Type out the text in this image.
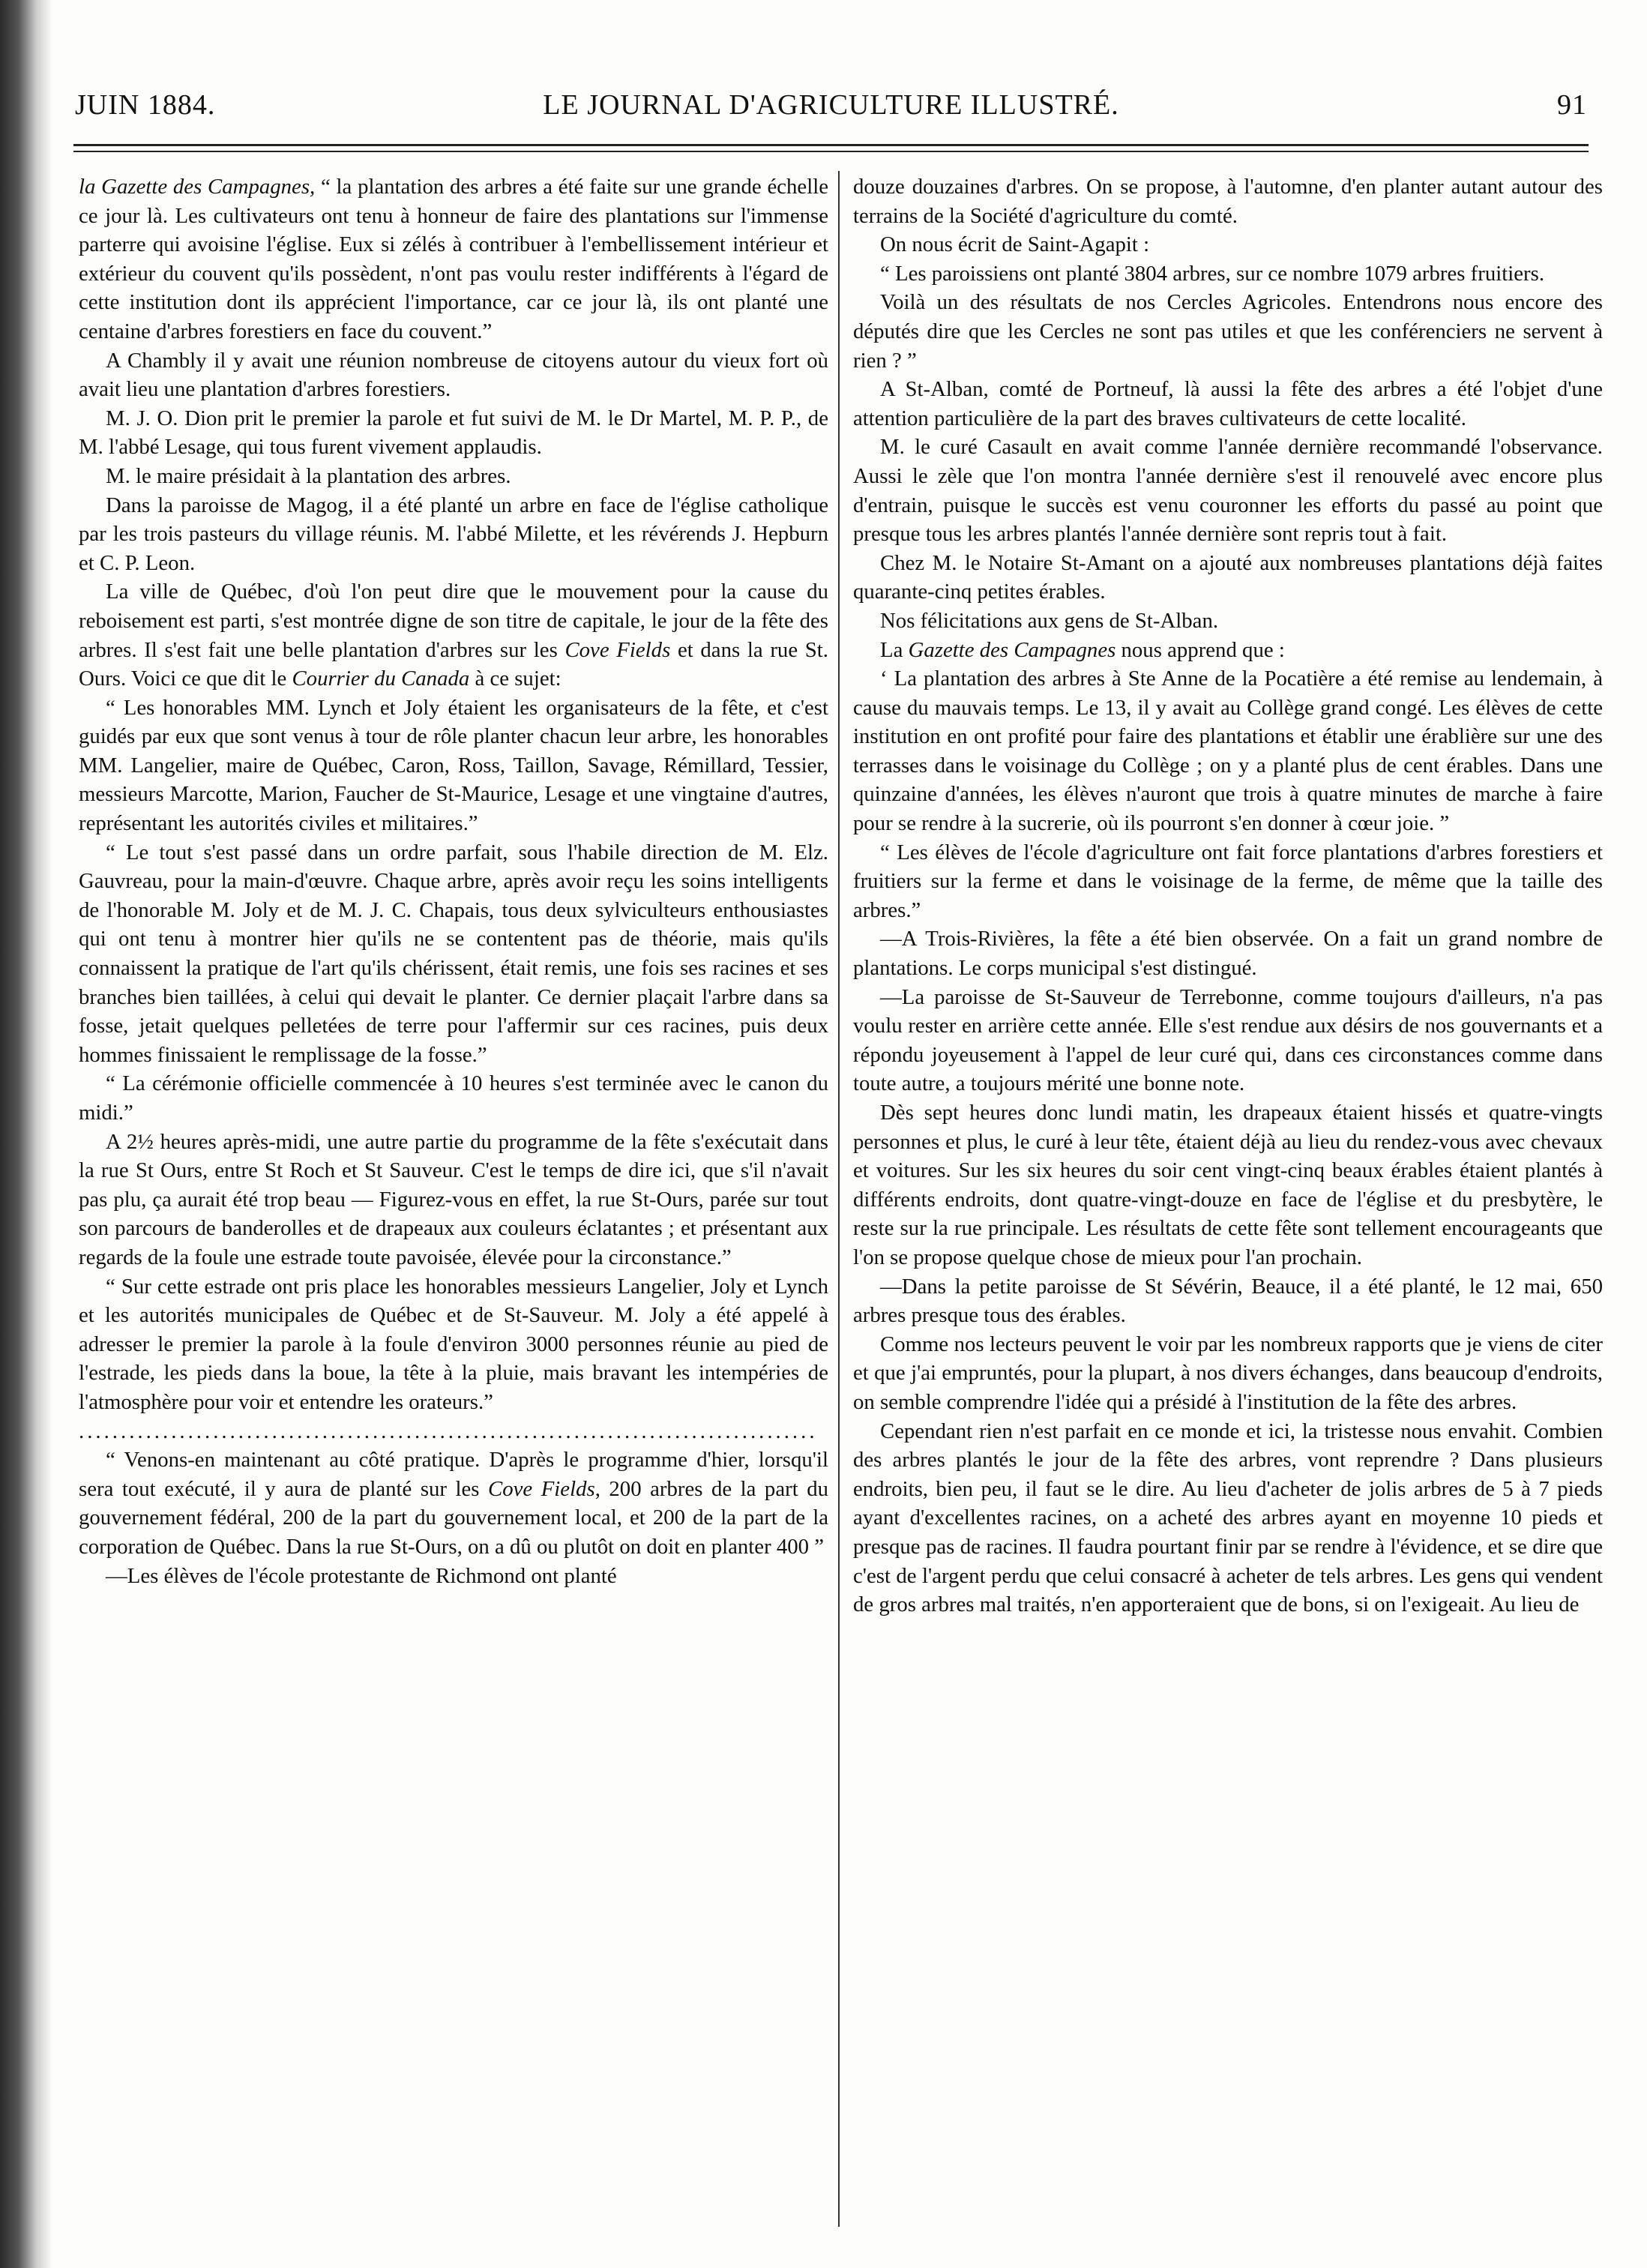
JUIN 1884.	LE JOURNAL D'AGRICULTURE ILLUSTRÉ.	91

la Gazette des Campagnes, “ la plantation des arbres a été faite sur une grande échelle ce jour là. Les cultivateurs ont tenu à honneur de faire des plantations sur l'immense parterre qui avoisine l'église. Eux si zélés à contribuer à l'embellissement intérieur et extérieur du couvent qu'ils possèdent, n'ont pas voulu rester indifférents à l'égard de cette institution dont ils apprécient l'importance, car ce jour là, ils ont planté une centaine d'arbres forestiers en face du couvent.”

A Chambly il y avait une réunion nombreuse de citoyens autour du vieux fort où avait lieu une plantation d'arbres forestiers.

M. J. O. Dion prit le premier la parole et fut suivi de M. le Dr Martel, M. P. P., de M. l'abbé Lesage, qui tous furent vivement applaudis.

M. le maire présidait à la plantation des arbres.

Dans la paroisse de Magog, il a été planté un arbre en face de l'église catholique par les trois pasteurs du village réunis. M. l'abbé Milette, et les révérends J. Hepburn et C. P. Leon.

La ville de Québec, d'où l'on peut dire que le mouvement pour la cause du reboisement est parti, s'est montrée digne de son titre de capitale, le jour de la fête des arbres. Il s'est fait une belle plantation d'arbres sur les Cove Fields et dans la rue St. Ours. Voici ce que dit le Courrier du Canada à ce sujet:

“ Les honorables MM. Lynch et Joly étaient les organisateurs de la fête, et c'est guidés par eux que sont venus à tour de rôle planter chacun leur arbre, les honorables MM. Langelier, maire de Québec, Caron, Ross, Taillon, Savage, Rémillard, Tessier, messieurs Marcotte, Marion, Faucher de St-Maurice, Lesage et une vingtaine d'autres, représentant les autorités civiles et militaires.”

“ Le tout s'est passé dans un ordre parfait, sous l'habile direction de M. Elz. Gauvreau, pour la main-d'œuvre. Chaque arbre, après avoir reçu les soins intelligents de l'honorable M. Joly et de M. J. C. Chapais, tous deux sylviculteurs enthousiastes qui ont tenu à montrer hier qu'ils ne se contentent pas de théorie, mais qu'ils connaissent la pratique de l'art qu'ils chérissent, était remis, une fois ses racines et ses branches bien taillées, à celui qui devait le planter. Ce dernier plaçait l'arbre dans sa fosse, jetait quelques pelletées de terre pour l'affermir sur ces racines, puis deux hommes finissaient le remplissage de la fosse.”

“ La cérémonie officielle commencée à 10 heures s'est terminée avec le canon du midi.”

A 2½ heures après-midi, une autre partie du programme de la fête s'exécutait dans la rue St Ours, entre St Roch et St Sauveur. C'est le temps de dire ici, que s'il n'avait pas plu, ça aurait été trop beau — Figurez-vous en effet, la rue St-Ours, parée sur tout son parcours de banderolles et de drapeaux aux couleurs éclatantes ; et présentant aux regards de la foule une estrade toute pavoisée, élevée pour la circonstance.”

“ Sur cette estrade ont pris place les honorables messieurs Langelier, Joly et Lynch et les autorités municipales de Québec et de St-Sauveur. M. Joly a été appelé à adresser le premier la parole à la foule d'environ 3000 personnes réunie au pied de l'estrade, les pieds dans la boue, la tête à la pluie, mais bravant les intempéries de l'atmosphère pour voir et entendre les orateurs.”

........................................................................................

“ Venons-en maintenant au côté pratique. D'après le programme d'hier, lorsqu'il sera tout exécuté, il y aura de planté sur les Cove Fields, 200 arbres de la part du gouvernement fédéral, 200 de la part du gouvernement local, et 200 de la part de la corporation de Québec. Dans la rue St-Ours, on a dû ou plutôt on doit en planter 400 ”

—Les élèves de l'école protestante de Richmond ont planté

douze douzaines d'arbres. On se propose, à l'automne, d'en planter autant autour des terrains de la Société d'agriculture du comté.

On nous écrit de Saint-Agapit :

“ Les paroissiens ont planté 3804 arbres, sur ce nombre 1079 arbres fruitiers.

Voilà un des résultats de nos Cercles Agricoles. Entendrons nous encore des députés dire que les Cercles ne sont pas utiles et que les conférenciers ne servent à rien ? ”

A St-Alban, comté de Portneuf, là aussi la fête des arbres a été l'objet d'une attention particulière de la part des braves cultivateurs de cette localité.

M. le curé Casault en avait comme l'année dernière recommandé l'observance. Aussi le zèle que l'on montra l'année dernière s'est il renouvelé avec encore plus d'entrain, puisque le succès est venu couronner les efforts du passé au point que presque tous les arbres plantés l'année dernière sont repris tout à fait.

Chez M. le Notaire St-Amant on a ajouté aux nombreuses plantations déjà faites quarante-cinq petites érables.

Nos félicitations aux gens de St-Alban.

La Gazette des Campagnes nous apprend que :

‘ La plantation des arbres à Ste Anne de la Pocatière a été remise au lendemain, à cause du mauvais temps. Le 13, il y avait au Collège grand congé. Les élèves de cette institution en ont profité pour faire des plantations et établir une érablière sur une des terrasses dans le voisinage du Collège ; on y a planté plus de cent érables. Dans une quinzaine d'années, les élèves n'auront que trois à quatre minutes de marche à faire pour se rendre à la sucrerie, où ils pourront s'en donner à cœur joie. ”

“ Les élèves de l'école d'agriculture ont fait force plantations d'arbres forestiers et fruitiers sur la ferme et dans le voisinage de la ferme, de même que la taille des arbres.”

—A Trois-Rivières, la fête a été bien observée. On a fait un grand nombre de plantations. Le corps municipal s'est distingué.

—La paroisse de St-Sauveur de Terrebonne, comme toujours d'ailleurs, n'a pas voulu rester en arrière cette année. Elle s'est rendue aux désirs de nos gouvernants et a répondu joyeusement à l'appel de leur curé qui, dans ces circonstances comme dans toute autre, a toujours mérité une bonne note.

Dès sept heures donc lundi matin, les drapeaux étaient hissés et quatre-vingts personnes et plus, le curé à leur tête, étaient déjà au lieu du rendez-vous avec chevaux et voitures. Sur les six heures du soir cent vingt-cinq beaux érables étaient plantés à différents endroits, dont quatre-vingt-douze en face de l'église et du presbytère, le reste sur la rue principale. Les résultats de cette fête sont tellement encourageants que l'on se propose quelque chose de mieux pour l'an prochain.

—Dans la petite paroisse de St Sévérin, Beauce, il a été planté, le 12 mai, 650 arbres presque tous des érables.

Comme nos lecteurs peuvent le voir par les nombreux rapports que je viens de citer et que j'ai empruntés, pour la plupart, à nos divers échanges, dans beaucoup d'endroits, on semble comprendre l'idée qui a présidé à l'institution de la fête des arbres.

Cependant rien n'est parfait en ce monde et ici, la tristesse nous envahit. Combien des arbres plantés le jour de la fête des arbres, vont reprendre ? Dans plusieurs endroits, bien peu, il faut se le dire. Au lieu d'acheter de jolis arbres de 5 à 7 pieds ayant d'excellentes racines, on a acheté des arbres ayant en moyenne 10 pieds et presque pas de racines. Il faudra pourtant finir par se rendre à l'évidence, et se dire que c'est de l'argent perdu que celui consacré à acheter de tels arbres. Les gens qui vendent de gros arbres mal traités, n'en apporteraient que de bons, si on l'exigeait. Au lieu de
